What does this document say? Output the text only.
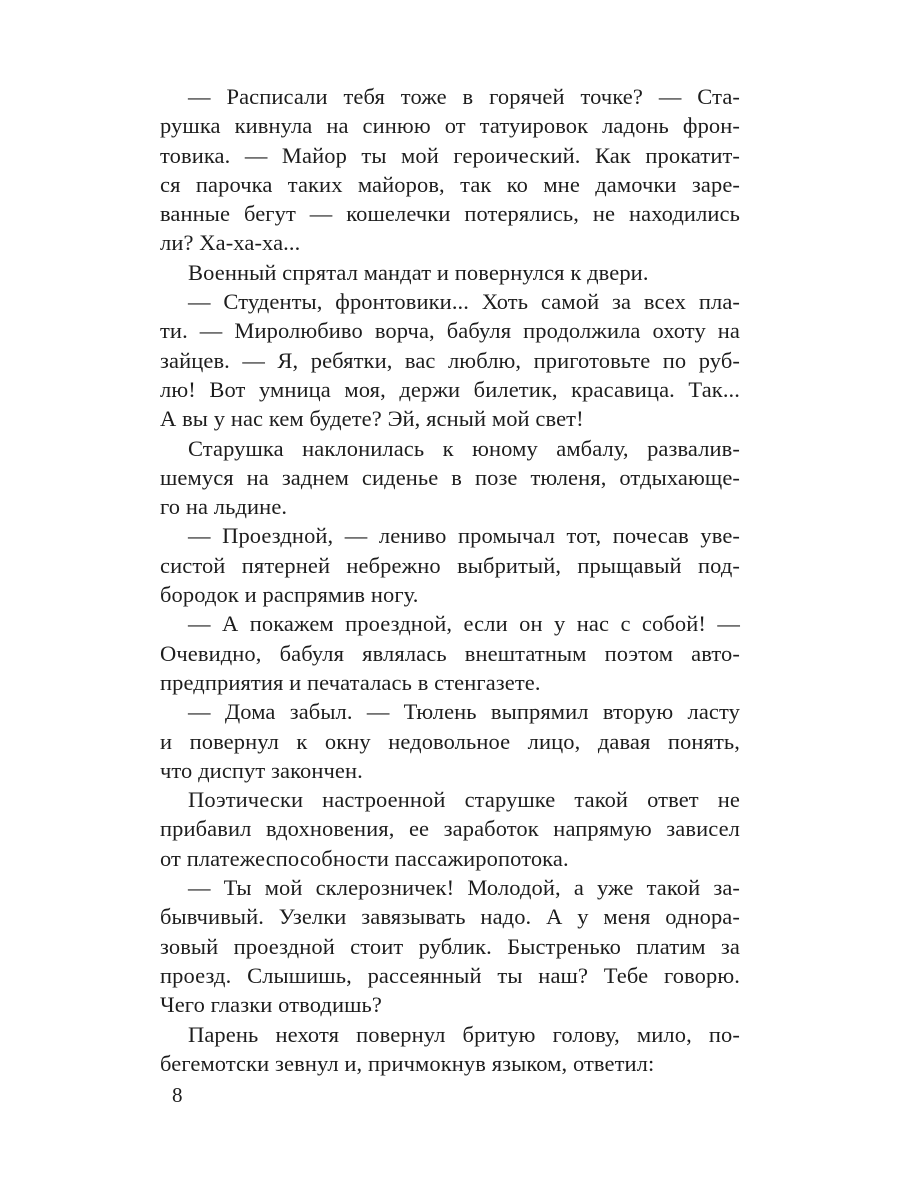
— Расписали тебя тоже в горячей точке? — Ста-
рушка кивнула на синюю от татуировок ладонь фрон-
товика. — Майор ты мой героический. Как прокатит-
ся парочка таких майоров, так ко мне дамочки заре-
ванные бегут — кошелечки потерялись, не находились
ли? Ха-ха-ха...
Военный спрятал мандат и повернулся к двери.
— Студенты, фронтовики... Хоть самой за всех пла-
ти. — Миролюбиво ворча, бабуля продолжила охоту на
зайцев. — Я, ребятки, вас люблю, приготовьте по руб-
лю! Вот умница моя, держи билетик, красавица. Так...
А вы у нас кем будете? Эй, ясный мой свет!
Старушка наклонилась к юному амбалу, развалив-
шемуся на заднем сиденье в позе тюленя, отдыхающе-
го на льдине.
— Проездной, — лениво промычал тот, почесав уве-
систой пятерней небрежно выбритый, прыщавый под-
бородок и распрямив ногу.
— А покажем проездной, если он у нас с собой! —
Очевидно, бабуля являлась внештатным поэтом авто-
предприятия и печаталась в стенгазете.
— Дома забыл. — Тюлень выпрямил вторую ласту
и повернул к окну недовольное лицо, давая понять,
что диспут закончен.
Поэтически настроенной старушке такой ответ не
прибавил вдохновения, ее заработок напрямую зависел
от платежеспособности пассажиропотока.
— Ты мой склерозничек! Молодой, а уже такой за-
бывчивый. Узелки завязывать надо. А у меня однора-
зовый проездной стоит рублик. Быстренько платим за
проезд. Слышишь, рассеянный ты наш? Тебе говорю.
Чего глазки отводишь?
Парень нехотя повернул бритую голову, мило, по-
бегемотски зевнул и, причмокнув языком, ответил:
8
